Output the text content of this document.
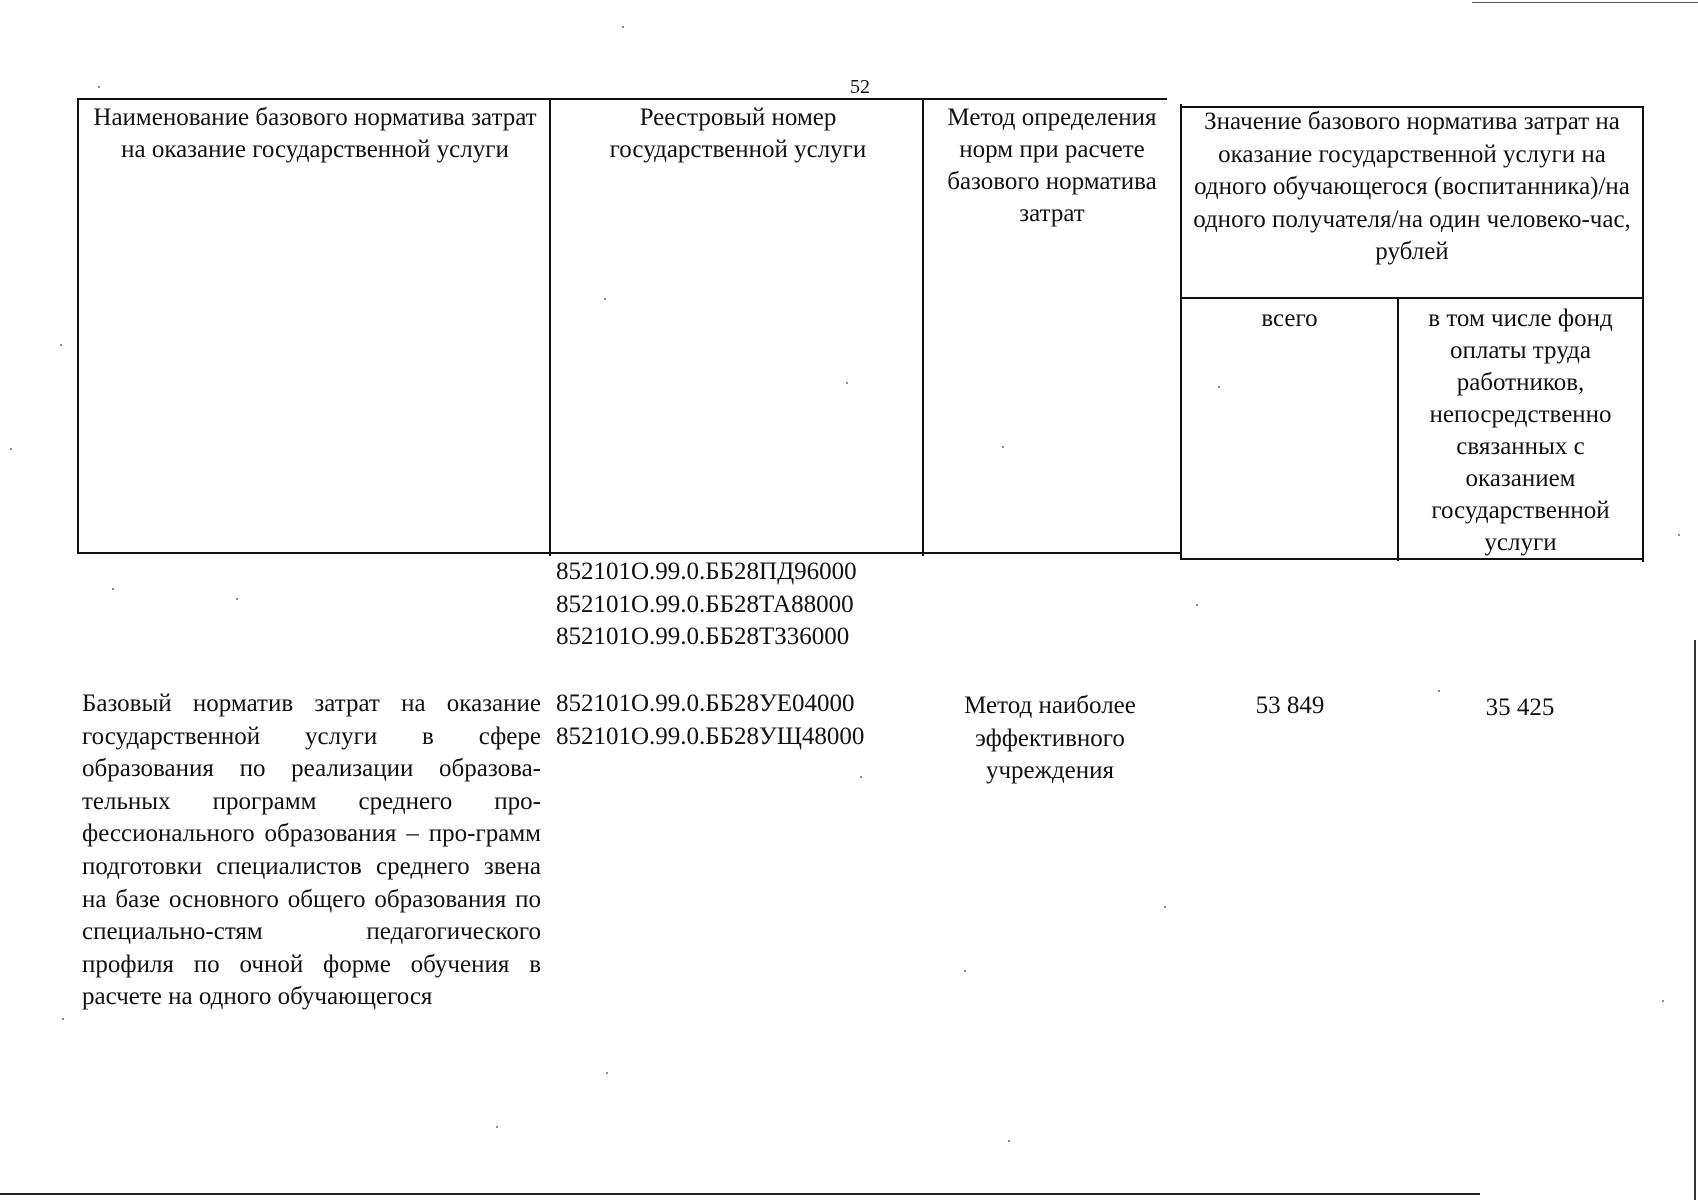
52
Наименование базового норматива затрат на оказание государственной услуги
Реестровый номер государственной услуги
Метод определения норм при расчете базового норматива затрат
Значение базового норматива затрат на оказание государственной услуги на одного обучающегося (воспитанника)/на одного получателя/на один человеко-час, рублей
всего	в том числе фонд оплаты труда работников, непосредственно связанных с оказанием государственной услуги
852101О.99.0.ББ28ПД96000
852101О.99.0.ББ28ТА88000
852101О.99.0.ББ28ТЗ36000
Базовый норматив затрат на оказание государственной услуги в сфере образования по реализации образова-тельных программ среднего про-фессионального образования – про-грамм подготовки специалистов среднего звена на базе основного общего образования по специально-стям педагогического профиля по очной форме обучения в расчете на одного обучающегося
852101О.99.0.ББ28УЕ04000
852101О.99.0.ББ28УЩ48000
Метод наиболее эффективного учреждения
53 849	35 425
